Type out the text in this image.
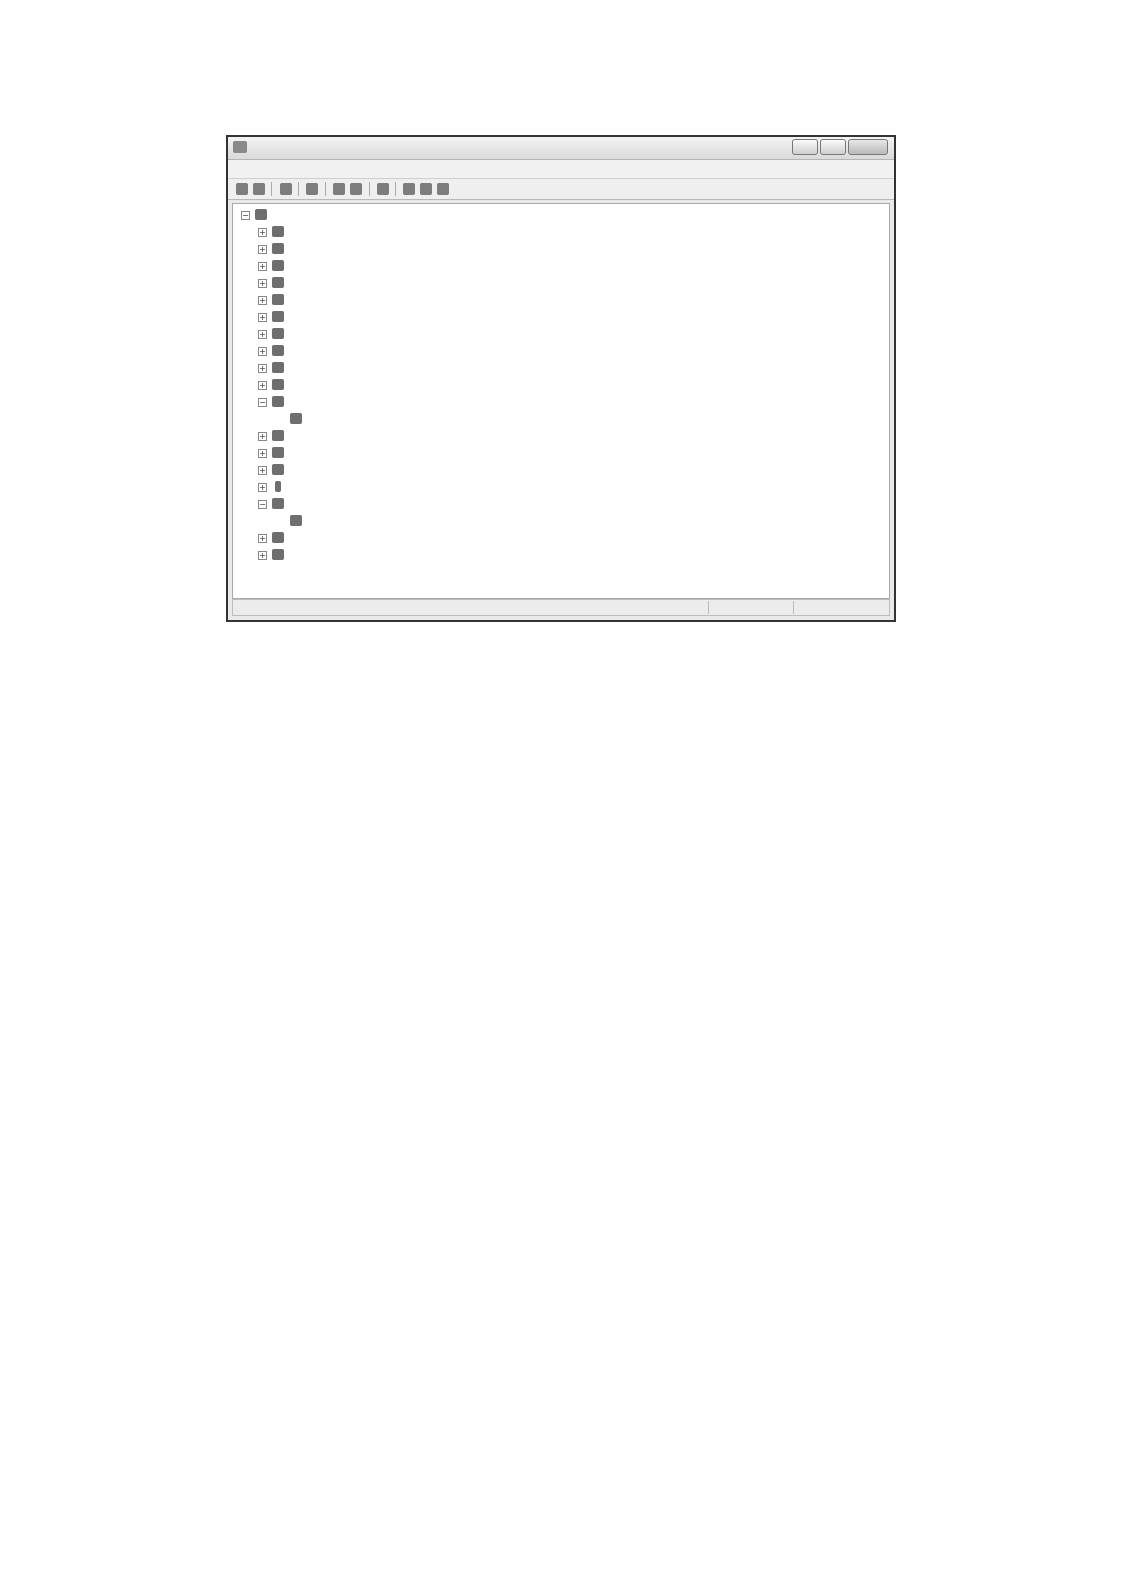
−
+
+
+
+
+
+
+
+
+
+
−
+
+
+
+
−
+
+
